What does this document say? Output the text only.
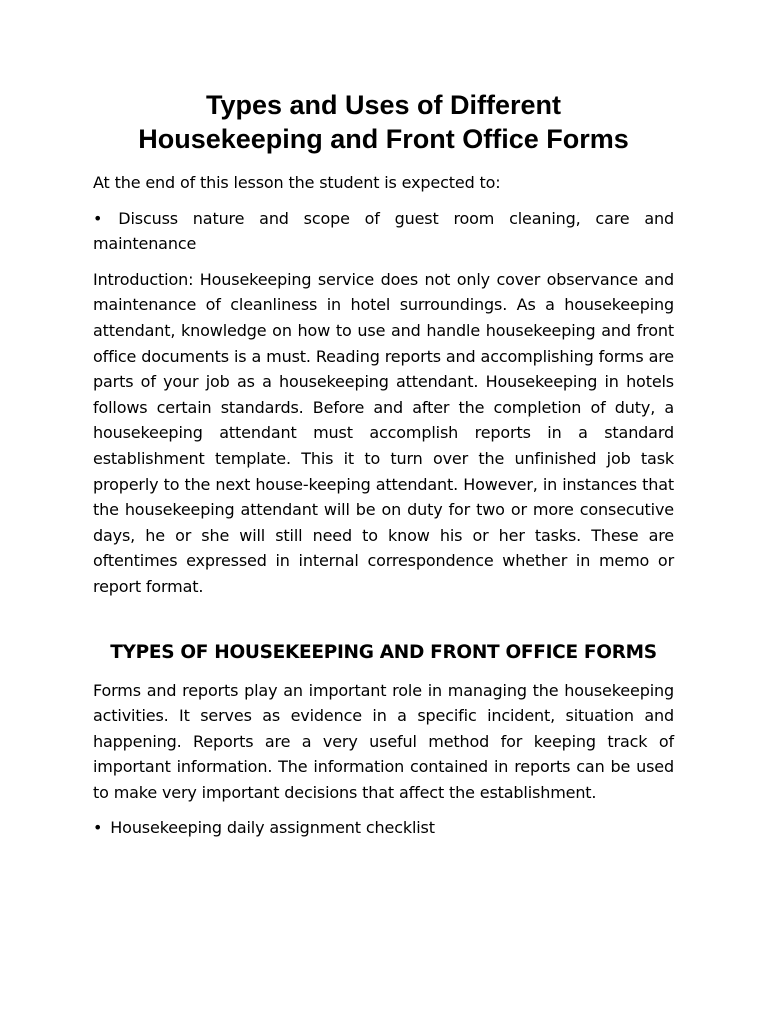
Types and Uses of Different
Housekeeping and Front Office Forms

At the end of this lesson the student is expected to:

• Discuss nature and scope of guest room cleaning, care and maintenance

Introduction: Housekeeping service does not only cover observance and maintenance of cleanliness in hotel surroundings. As a housekeeping attendant, knowledge on how to use and handle housekeeping and front office documents is a must. Reading reports and accomplishing forms are parts of your job as a housekeeping attendant. Housekeeping in hotels follows certain standards. Before and after the completion of duty, a housekeeping attendant must accomplish reports in a standard establishment template. This it to turn over the unfinished job task properly to the next house-keeping attendant. However, in instances that the housekeeping attendant will be on duty for two or more consecutive days, he or she will still need to know his or her tasks. These are oftentimes expressed in internal correspondence whether in memo or report format.

TYPES OF HOUSEKEEPING AND FRONT OFFICE FORMS

Forms and reports play an important role in managing the housekeeping activities. It serves as evidence in a specific incident, situation and happening. Reports are a very useful method for keeping track of important information. The information contained in reports can be used to make very important decisions that affect the establishment.

• Housekeeping daily assignment checklist
